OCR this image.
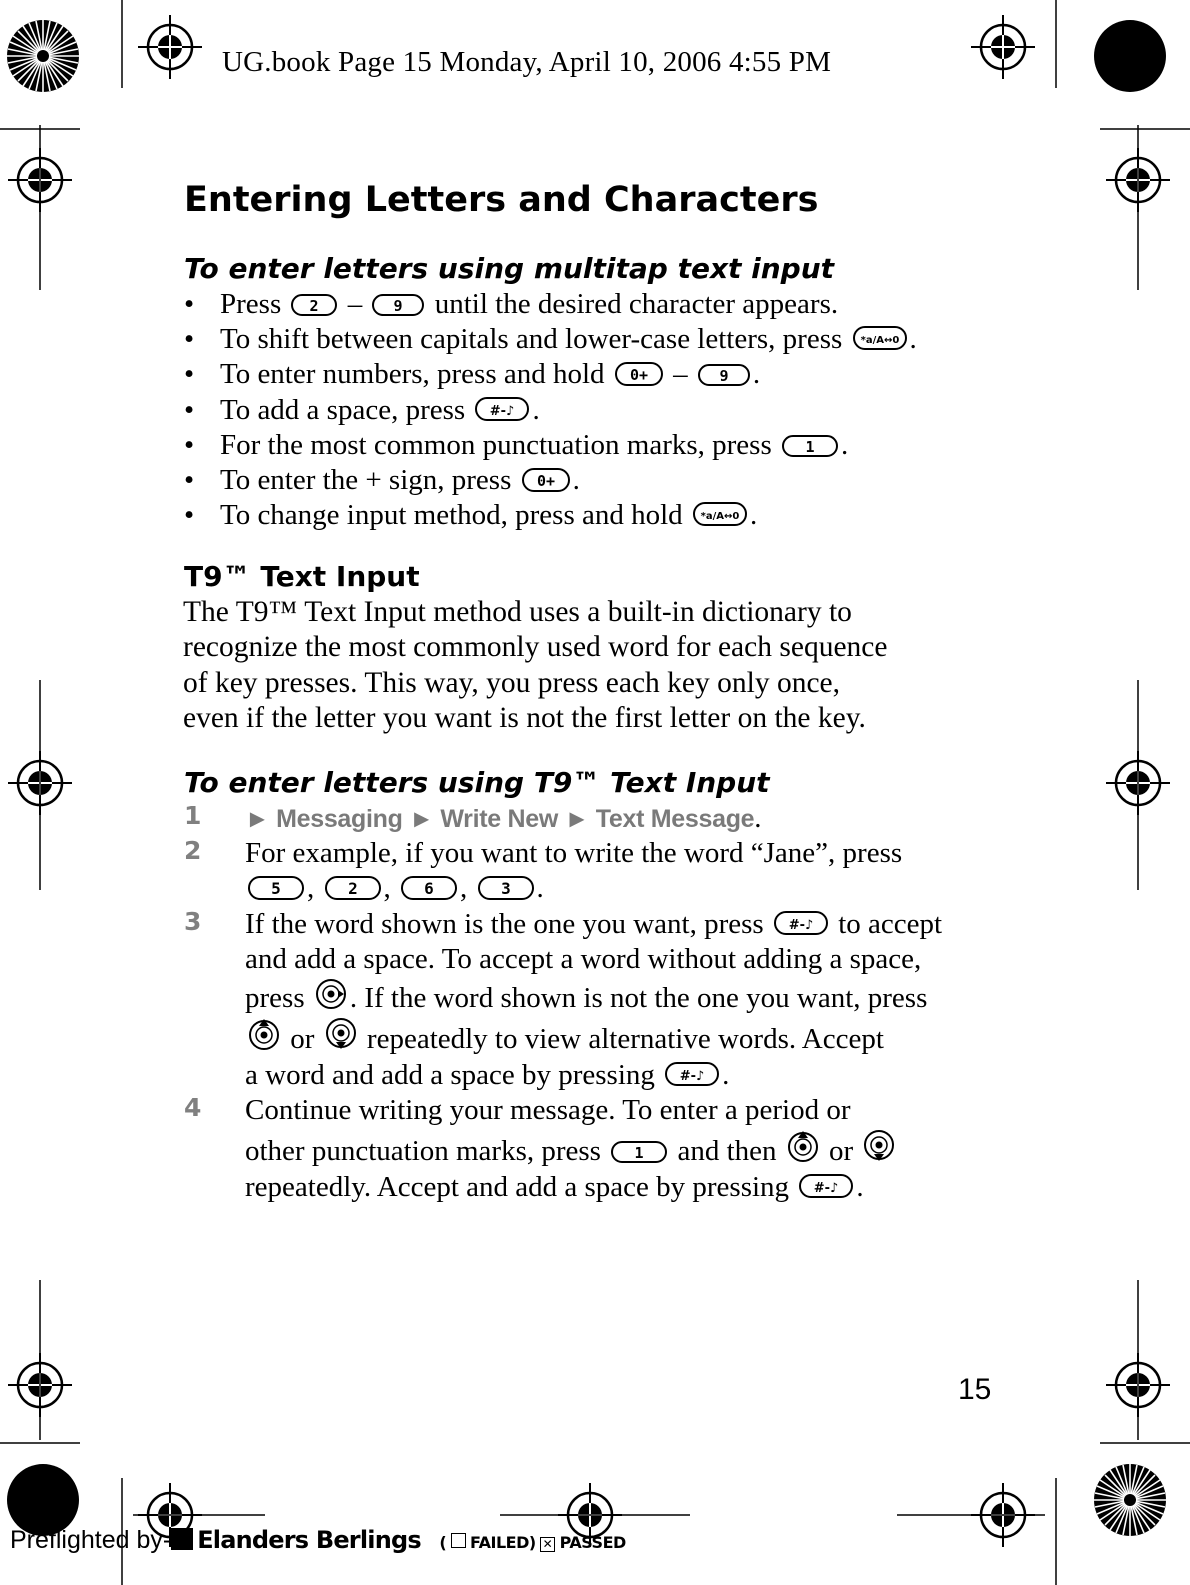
UG.book Page 15 Monday, April 10, 2006 4:55 PM
Entering Letters and Characters
To enter letters using multitap text input
• Press 2 – 9 until the desired character appears.
• To shift between capitals and lower-case letters, press *a/A↔0 .
• To enter numbers, press and hold 0+ – 9 .
• To add a space, press #-♪ .
• For the most common punctuation marks, press 1 .
• To enter the + sign, press 0+ .
• To change input method, press and hold *a/A↔0 .
T9™ Text Input
The T9™ Text Input method uses a built-in dictionary to
recognize the most commonly used word for each sequence
of key presses. This way, you press each key only once,
even if the letter you want is not the first letter on the key.
To enter letters using T9™ Text Input
1 ► Messaging ► Write New ► Text Message.
2 For example, if you want to write the word “Jane”, press
5 , 2 , 6 , 3 .
3 If the word shown is the one you want, press #-♪ to accept
and add a space. To accept a word without adding a space,
press
. If the word shown is not the one you want, press
or
repeatedly to view alternative words. Accept
a word and add a space by pressing #-♪ .
4 Continue writing your message. To enter a period or
other punctuation marks, press 1 and then
or
repeatedly. Accept and add a space by pressing #-♪ .
15
Preflighted by- Elanders Berlings ( FAILED) ✕ PASSED
